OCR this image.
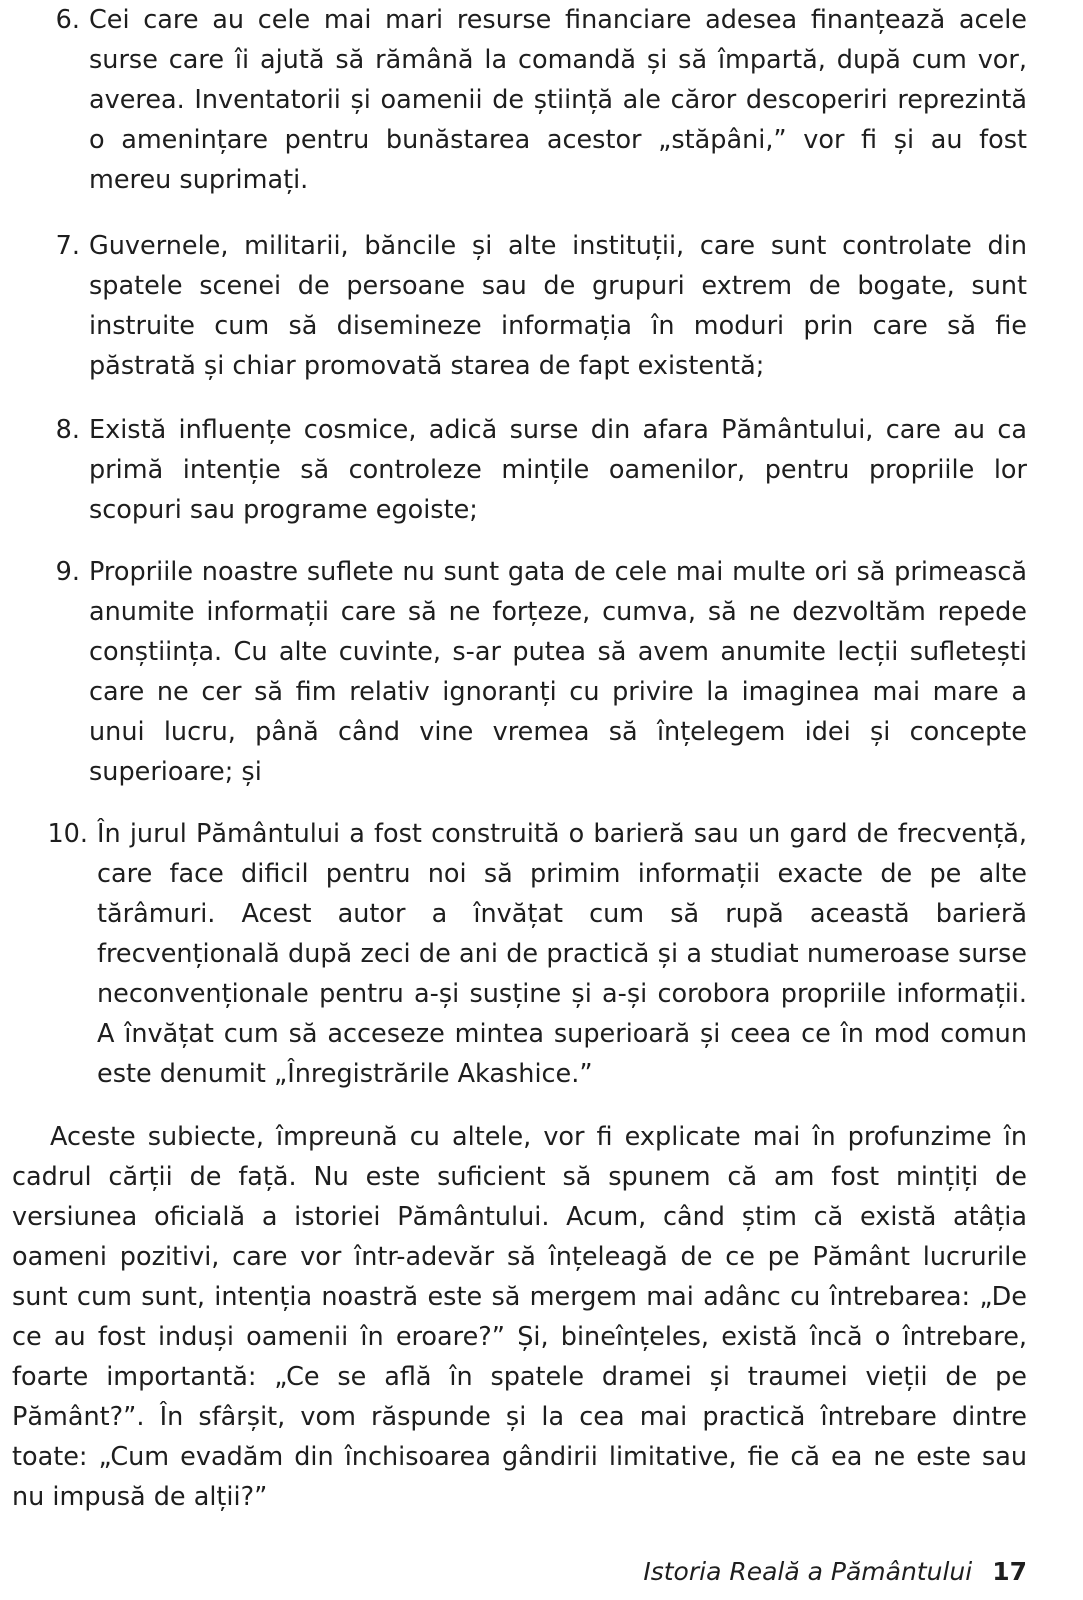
6. Cei care au cele mai mari resurse financiare adesea finanțează acele surse care îi ajută să rămână la comandă și să împartă, după cum vor, averea. Inventatorii și oamenii de știință ale căror descoperiri reprezintă o amenințare pentru bunăstarea acestor „stăpâni,” vor fi și au fost mereu suprimați.
7. Guvernele, militarii, băncile și alte instituții, care sunt controlate din spatele scenei de persoane sau de grupuri extrem de bogate, sunt instruite cum să disemineze informația în moduri prin care să fie păstrată și chiar promovată starea de fapt existentă;
8. Există influențe cosmice, adică surse din afara Pământului, care au ca primă intenție să controleze mințile oamenilor, pentru propriile lor scopuri sau programe egoiste;
9. Propriile noastre suflete nu sunt gata de cele mai multe ori să primească anumite informații care să ne forțeze, cumva, să ne dezvoltăm repede conștiința. Cu alte cuvinte, s-ar putea să avem anumite lecții sufletești care ne cer să fim relativ ignoranți cu privire la imaginea mai mare a unui lucru, până când vine vremea să înțelegem idei și concepte superioare; și
10. În jurul Pământului a fost construită o barieră sau un gard de frecvență, care face dificil pentru noi să primim informații exacte de pe alte tărâmuri. Acest autor a învățat cum să rupă această barieră frecvențională după zeci de ani de practică și a studiat numeroase surse neconvenționale pentru a-și susține și a-și corobora propriile informații. A învățat cum să acceseze mintea superioară și ceea ce în mod comun este denumit „Înregistrările Akashice.”

Aceste subiecte, împreună cu altele, vor fi explicate mai în profunzime în cadrul cărții de față. Nu este suficient să spunem că am fost mințiți de versiunea oficială a istoriei Pământului. Acum, când știm că există atâția oameni pozitivi, care vor într-adevăr să înțeleagă de ce pe Pământ lucrurile sunt cum sunt, intenția noastră este să mergem mai adânc cu întrebarea: „De ce au fost induși oamenii în eroare?” Și, bineînțeles, există încă o întrebare, foarte importantă: „Ce se află în spatele dramei și traumei vieții de pe Pământ?”. În sfârșit, vom răspunde și la cea mai practică întrebare dintre toate: „Cum evadăm din închisoarea gândirii limitative, fie că ea ne este sau nu impusă de alții?”

Istoria Reală a Pământului 17
